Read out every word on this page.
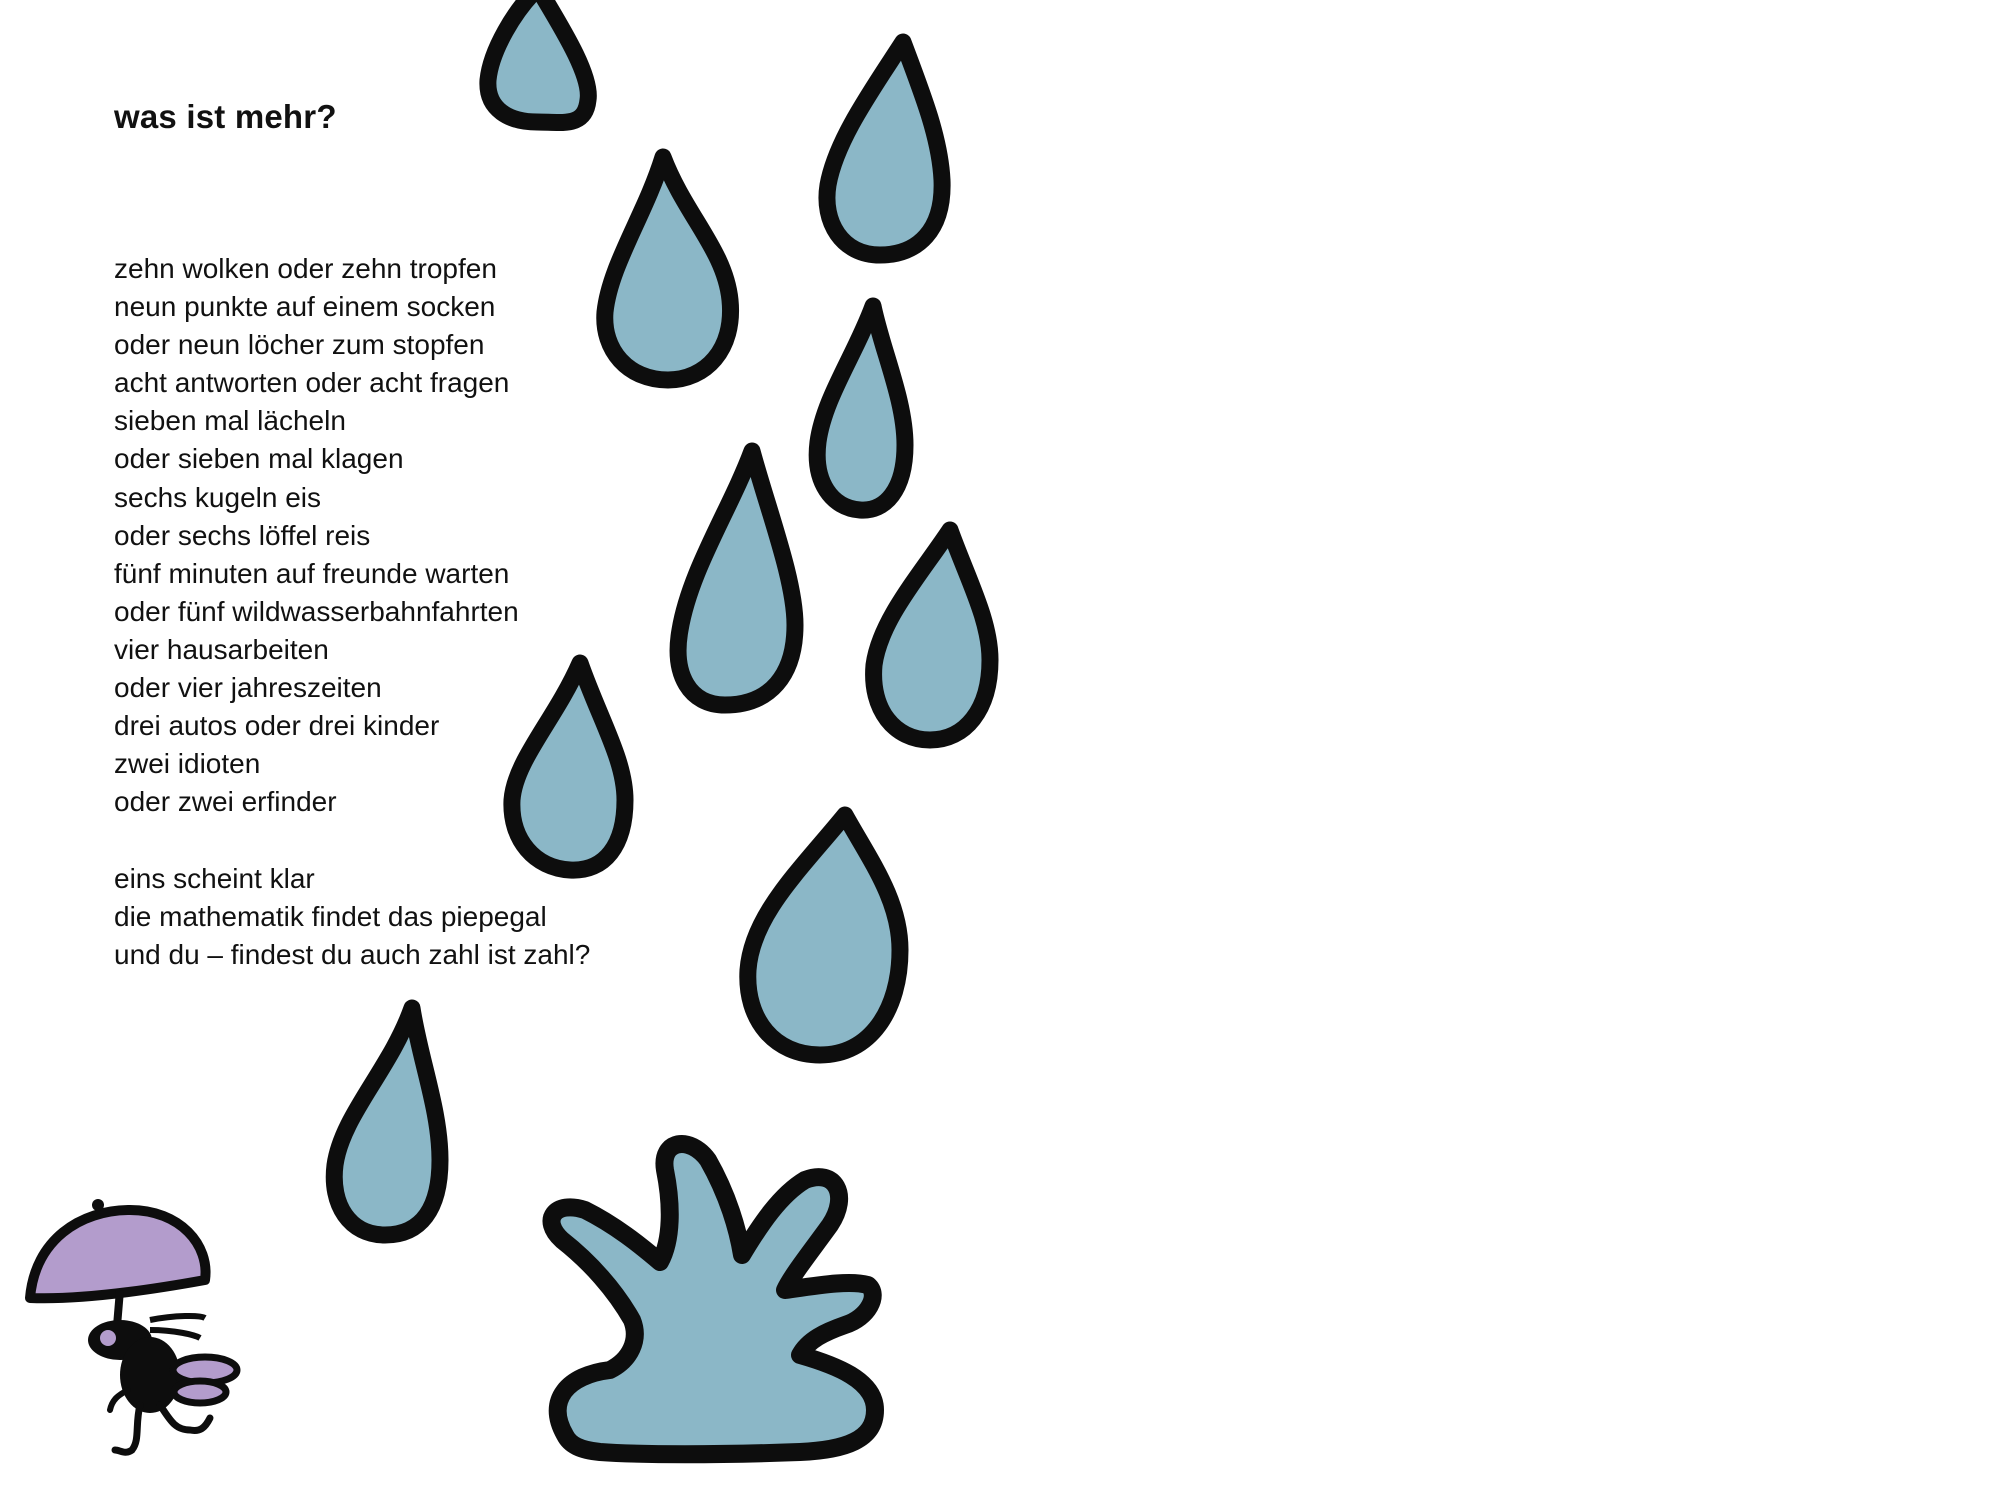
was ist mehr?
zehn wolken oder zehn tropfen
neun punkte auf einem socken
oder neun löcher zum stopfen
acht antworten oder acht fragen
sieben mal lächeln
oder sieben mal klagen
sechs kugeln eis
oder sechs löffel reis
fünf minuten auf freunde warten
oder fünf wildwasserbahnfahrten
vier hausarbeiten
oder vier jahreszeiten
drei autos oder drei kinder
zwei idioten
oder zwei erfinder
eins scheint klar
die mathematik findet das piepegal
und du – findest du auch zahl ist zahl?
